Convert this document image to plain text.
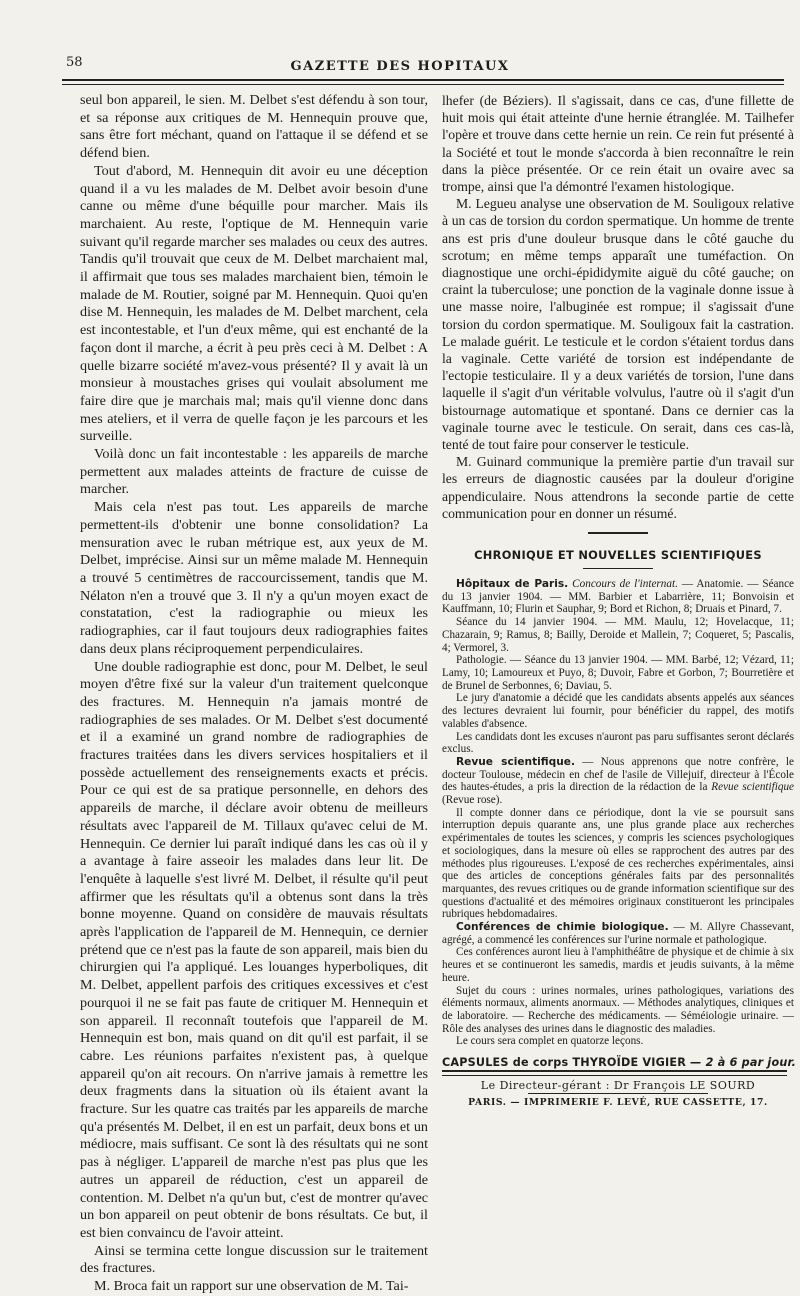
58	GAZETTE DES HOPITAUX

seul bon appareil, le sien. M. Delbet s'est défendu à son tour, et sa réponse aux critiques de M. Hennequin prouve que, sans être fort méchant, quand on l'attaque il se défend et se défend bien.

Tout d'abord, M. Hennequin dit avoir eu une déception quand il a vu les malades de M. Delbet avoir besoin d'une canne ou même d'une béquille pour marcher. Mais ils marchaient. Au reste, l'optique de M. Hennequin varie suivant qu'il regarde marcher ses malades ou ceux des autres. Tandis qu'il trouvait que ceux de M. Delbet marchaient mal, il affirmait que tous ses malades marchaient bien, témoin le malade de M. Routier, soigné par M. Hennequin. Quoi qu'en dise M. Hennequin, les malades de M. Delbet marchent, cela est incontestable, et l'un d'eux même, qui est enchanté de la façon dont il marche, a écrit à peu près ceci à M. Delbet : A quelle bizarre société m'avez-vous présenté? Il y avait là un monsieur à moustaches grises qui voulait absolument me faire dire que je marchais mal; mais qu'il vienne donc dans mes ateliers, et il verra de quelle façon je les parcours et les surveille.

Voilà donc un fait incontestable : les appareils de marche permettent aux malades atteints de fracture de cuisse de marcher.

Mais cela n'est pas tout. Les appareils de marche permettent-ils d'obtenir une bonne consolidation? La mensuration avec le ruban métrique est, aux yeux de M. Delbet, imprécise. Ainsi sur un même malade M. Hennequin a trouvé 5 centimètres de raccourcissement, tandis que M. Nélaton n'en a trouvé que 3. Il n'y a qu'un moyen exact de constatation, c'est la radiographie ou mieux les radiographies, car il faut toujours deux radiographies faites dans deux plans réciproquement perpendiculaires.

Une double radiographie est donc, pour M. Delbet, le seul moyen d'être fixé sur la valeur d'un traitement quelconque des fractures. M. Hennequin n'a jamais montré de radiographies de ses malades. Or M. Delbet s'est documenté et il a examiné un grand nombre de radiographies de fractures traitées dans les divers services hospitaliers et il possède actuellement des renseignements exacts et précis. Pour ce qui est de sa pratique personnelle, en dehors des appareils de marche, il déclare avoir obtenu de meilleurs résultats avec l'appareil de M. Tillaux qu'avec celui de M. Hennequin. Ce dernier lui paraît indiqué dans les cas où il y a avantage à faire asseoir les malades dans leur lit. De l'enquête à laquelle s'est livré M. Delbet, il résulte qu'il peut affirmer que les résultats qu'il a obtenus sont dans la très bonne moyenne. Quand on considère de mauvais résultats après l'application de l'appareil de M. Hennequin, ce dernier prétend que ce n'est pas la faute de son appareil, mais bien du chirurgien qui l'a appliqué. Les louanges hyperboliques, dit M. Delbet, appellent parfois des critiques excessives et c'est pourquoi il ne se fait pas faute de critiquer M. Hennequin et son appareil. Il reconnaît toutefois que l'appareil de M. Hennequin est bon, mais quand on dit qu'il est parfait, il se cabre. Les réunions parfaites n'existent pas, à quelque appareil qu'on ait recours. On n'arrive jamais à remettre les deux fragments dans la situation où ils étaient avant la fracture. Sur les quatre cas traités par les appareils de marche qu'a présentés M. Delbet, il en est un parfait, deux bons et un médiocre, mais suffisant. Ce sont là des résultats qui ne sont pas à négliger. L'appareil de marche n'est pas plus que les autres un appareil de réduction, c'est un appareil de contention. M. Delbet n'a qu'un but, c'est de montrer qu'avec un bon appareil on peut obtenir de bons résultats. Ce but, il est bien convaincu de l'avoir atteint.

Ainsi se termina cette longue discussion sur le traitement des fractures.

M. Broca fait un rapport sur une observation de M. Tai-

lhefer (de Béziers). Il s'agissait, dans ce cas, d'une fillette de huit mois qui était atteinte d'une hernie étranglée. M. Tailhefer l'opère et trouve dans cette hernie un rein. Ce rein fut présenté à la Société et tout le monde s'accorda à bien reconnaître le rein dans la pièce présentée. Or ce rein était un ovaire avec sa trompe, ainsi que l'a démontré l'examen histologique.

M. Legueu analyse une observation de M. Souligoux relative à un cas de torsion du cordon spermatique. Un homme de trente ans est pris d'une douleur brusque dans le côté gauche du scrotum; en même temps apparaît une tuméfaction. On diagnostique une orchi-épididymite aiguë du côté gauche; on craint la tuberculose; une ponction de la vaginale donne issue à une masse noire, l'albuginée est rompue; il s'agissait d'une torsion du cordon spermatique. M. Souligoux fait la castration. Le malade guérit. Le testicule et le cordon s'étaient tordus dans la vaginale. Cette variété de torsion est indépendante de l'ectopie testiculaire. Il y a deux variétés de torsion, l'une dans laquelle il s'agit d'un véritable volvulus, l'autre où il s'agit d'un bistournage automatique et spontané. Dans ce dernier cas la vaginale tourne avec le testicule. On serait, dans ces cas-là, tenté de tout faire pour conserver le testicule.

M. Guinard communique la première partie d'un travail sur les erreurs de diagnostic causées par la douleur d'origine appendiculaire. Nous attendrons la seconde partie de cette communication pour en donner un résumé.

CHRONIQUE ET NOUVELLES SCIENTIFIQUES

Hôpitaux de Paris. Concours de l'internat. — Anatomie. — Séance du 13 janvier 1904. — MM. Barbier et Labarrière, 11; Bonvoisin et Kauffmann, 10; Flurin et Sauphar, 9; Bord et Richon, 8; Druais et Pinard, 7.

Séance du 14 janvier 1904. — MM. Maulu, 12; Hovelacque, 11; Chazarain, 9; Ramus, 8; Bailly, Deroide et Mallein, 7; Coqueret, 5; Pascalis, 4; Vermorel, 3.

Pathologie. — Séance du 13 janvier 1904. — MM. Barbé, 12; Vézard, 11; Lamy, 10; Lamoureux et Puyo, 8; Duvoir, Fabre et Gorbon, 7; Bourretière et de Brunel de Serbonnes, 6; Daviau, 5.

Le jury d'anatomie a décidé que les candidats absents appelés aux séances des lectures devraient lui fournir, pour bénéficier du rappel, des motifs valables d'absence.

Les candidats dont les excuses n'auront pas paru suffisantes seront déclarés exclus.

Revue scientifique. — Nous apprenons que notre confrère, le docteur Toulouse, médecin en chef de l'asile de Villejuif, directeur à l'École des hautes-études, a pris la direction de la rédaction de la Revue scientifique (Revue rose).

Il compte donner dans ce périodique, dont la vie se poursuit sans interruption depuis quarante ans, une plus grande place aux recherches expérimentales de toutes les sciences, y compris les sciences psychologiques et sociologiques, dans la mesure où elles se rapprochent des autres par des méthodes plus rigoureuses. L'exposé de ces recherches expérimentales, ainsi que des articles de conceptions générales faits par des personnalités marquantes, des revues critiques ou de grande information scientifique sur des questions d'actualité et des mémoires originaux constitueront les principales rubriques hebdomadaires.

Conférences de chimie biologique. — M. Allyre Chassevant, agrégé, a commencé les conférences sur l'urine normale et pathologique.

Ces conférences auront lieu à l'amphithéâtre de physique et de chimie à six heures et se continueront les samedis, mardis et jeudis suivants, à la même heure.

Sujet du cours : urines normales, urines pathologiques, variations des éléments normaux, aliments anormaux. — Méthodes analytiques, cliniques et de laboratoire. — Recherche des médicaments. — Séméiologie urinaire. — Rôle des analyses des urines dans le diagnostic des maladies.

Le cours sera complet en quatorze leçons.

CAPSULES de corps THYROÏDE VIGIER — 2 à 6 par jour.
Le Directeur-gérant : Dr François LE SOURD
PARIS. — IMPRIMERIE F. LEVÉ, RUE CASSETTE, 17.
